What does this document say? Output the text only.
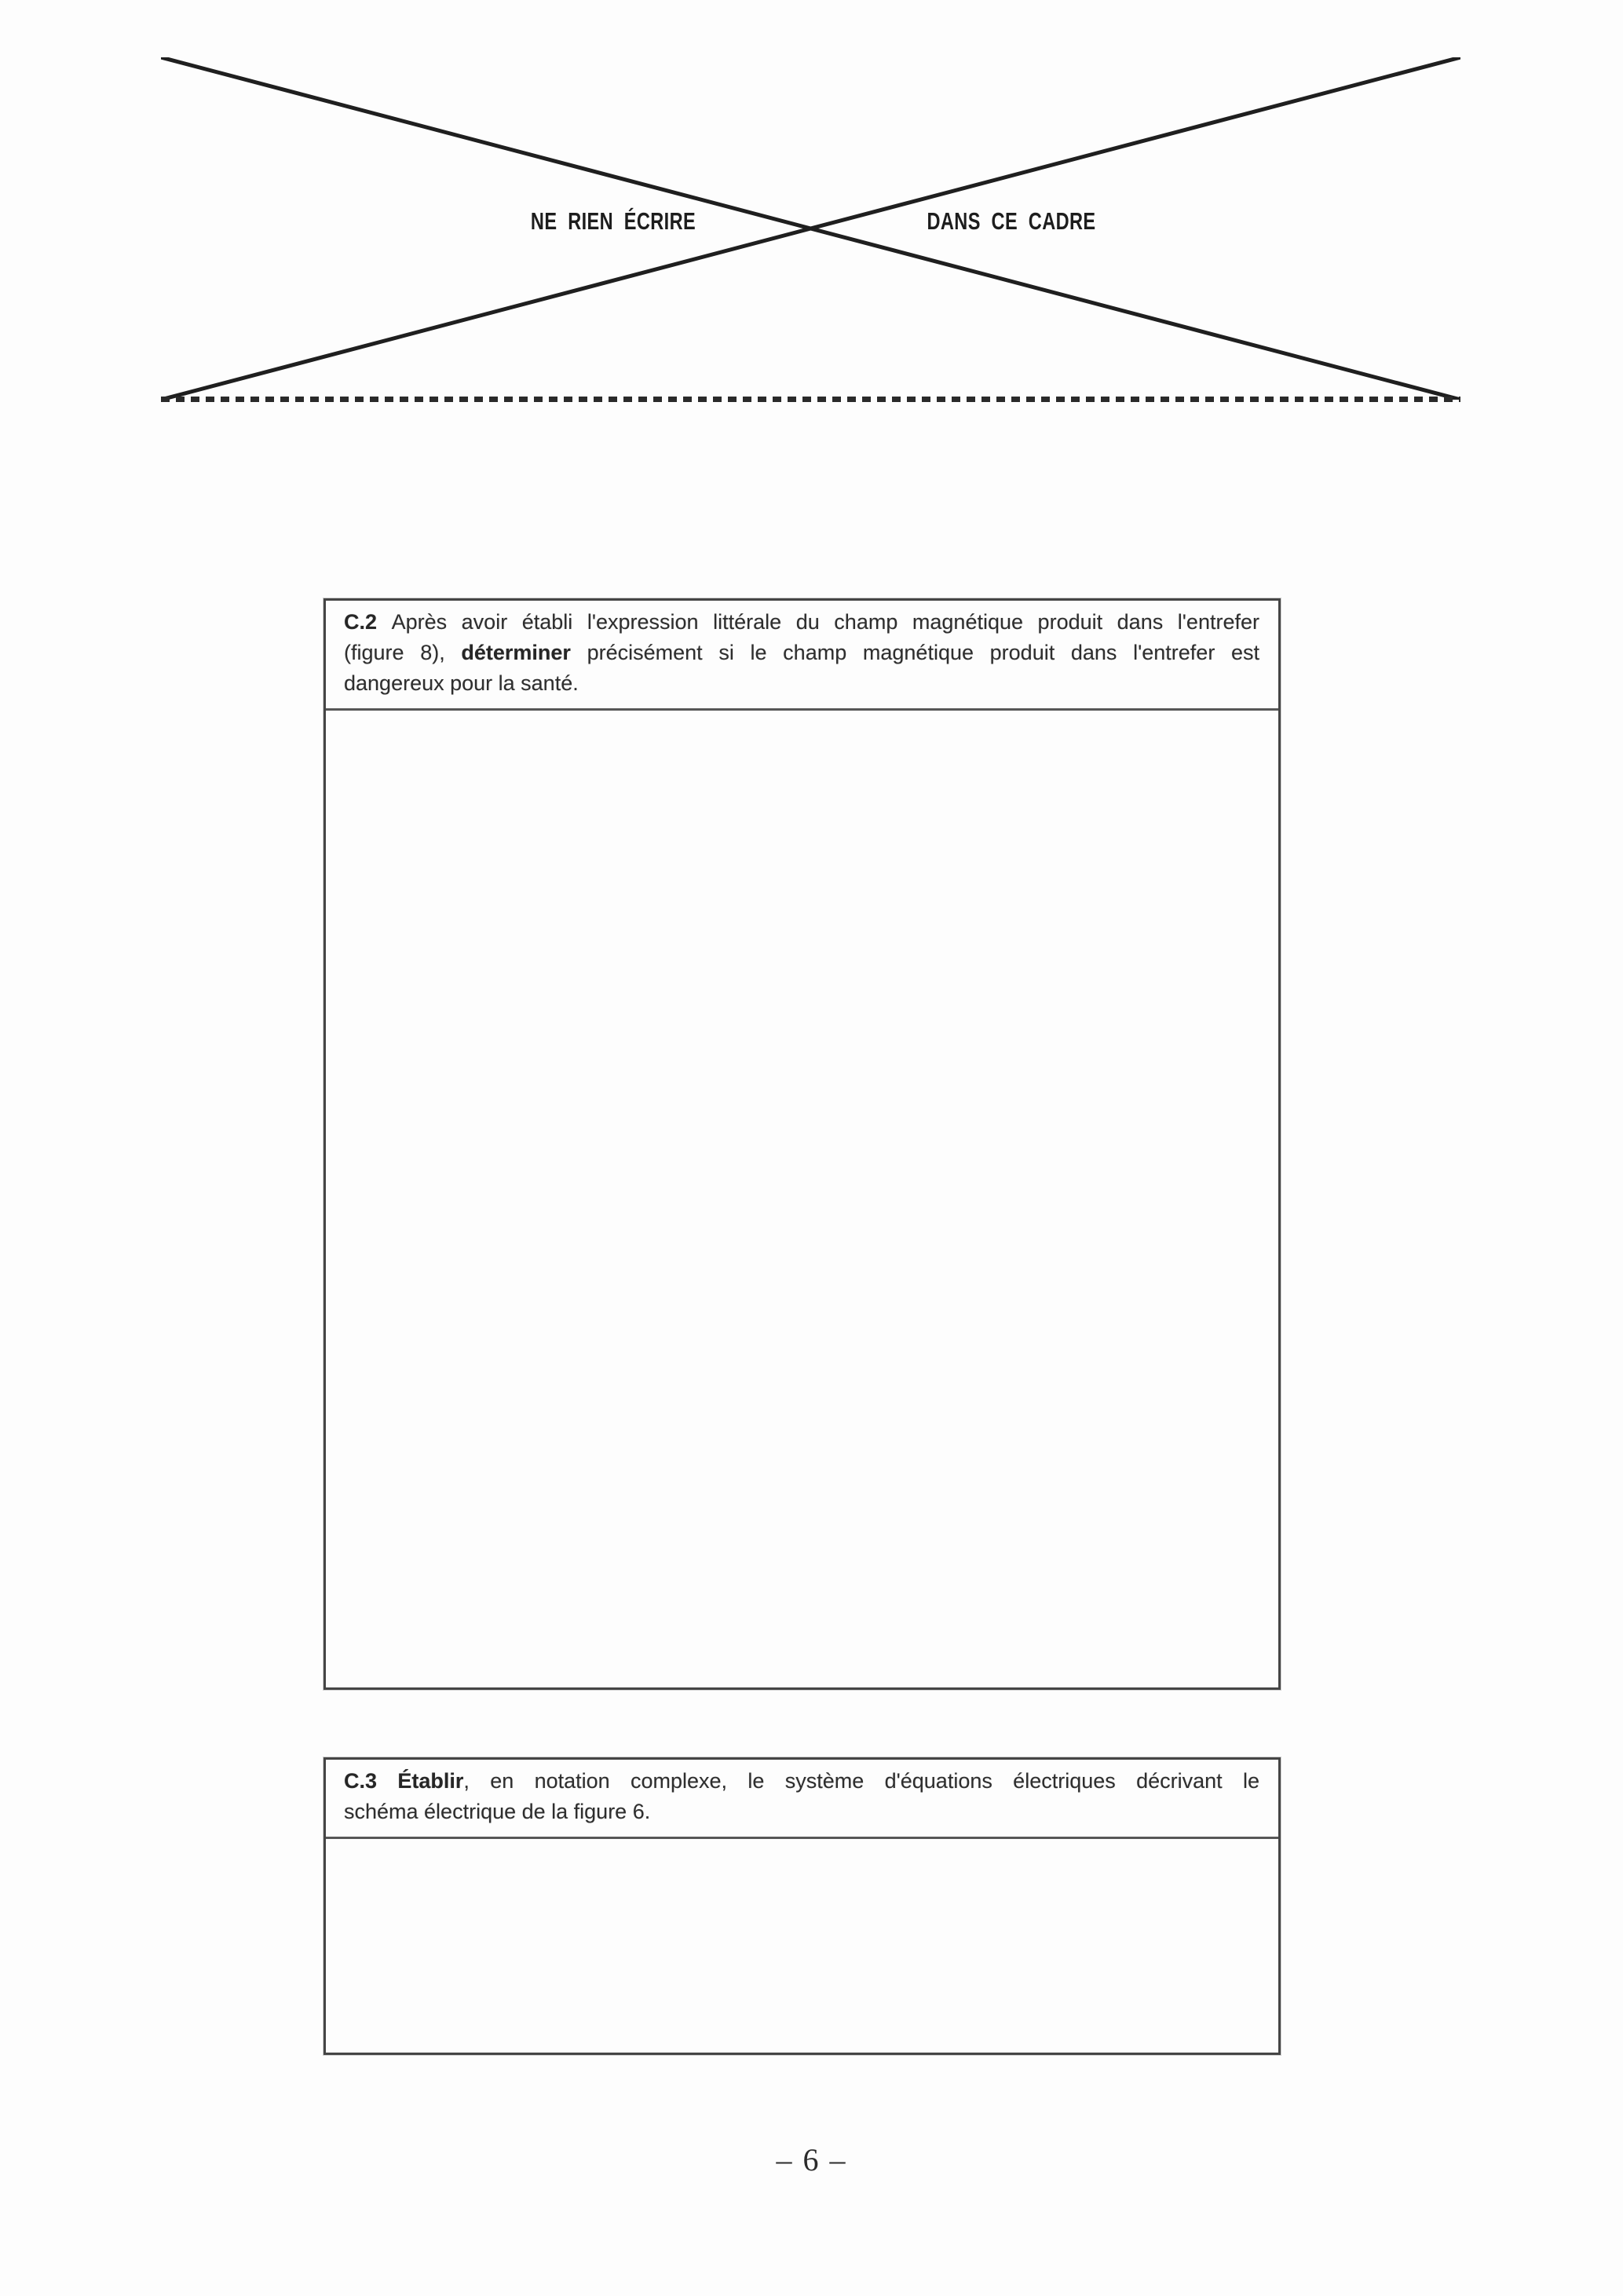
NE RIEN ÉCRIRE	DANS CE CADRE
C.2 Après avoir établi l'expression littérale du champ magnétique produit dans l'entrefer
(figure 8), déterminer précisément si le champ magnétique produit dans l'entrefer est
dangereux pour la santé.
C.3 Établir, en notation complexe, le système d'équations électriques décrivant le
schéma électrique de la figure 6.
– 6 –
